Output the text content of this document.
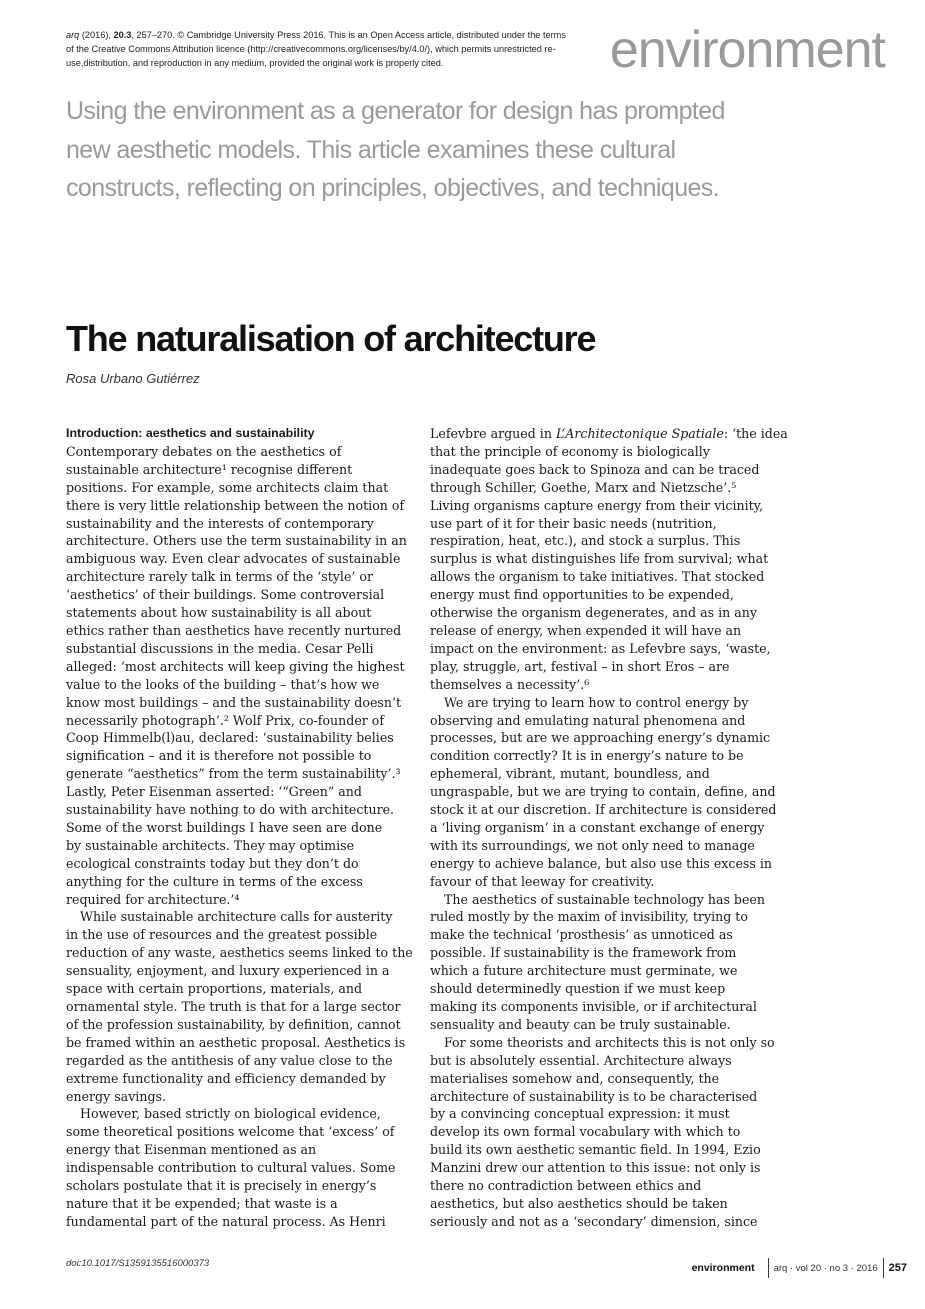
arq (2016), 20.3, 257–270. © Cambridge University Press 2016. This is an Open Access article, distributed under the terms of the Creative Commons Attribution licence (http://creativecommons.org/licenses/by/4.0/), which permits unrestricted re-use,distribution, and reproduction in any medium, provided the original work is properly cited.	environment
Using the environment as a generator for design has prompted new aesthetic models. This article examines these cultural constructs, reflecting on principles, objectives, and techniques.
The naturalisation of architecture
Rosa Urbano Gutiérrez
Introduction: aesthetics and sustainability
Contemporary debates on the aesthetics of
sustainable architecture¹ recognise different
positions. For example, some architects claim that
there is very little relationship between the notion of
sustainability and the interests of contemporary
architecture. Others use the term sustainability in an
ambiguous way. Even clear advocates of sustainable
architecture rarely talk in terms of the ‘style’ or
‘aesthetics’ of their buildings. Some controversial
statements about how sustainability is all about
ethics rather than aesthetics have recently nurtured
substantial discussions in the media. Cesar Pelli
alleged: ‘most architects will keep giving the highest
value to the looks of the building – that’s how we
know most buildings – and the sustainability doesn’t
necessarily photograph’.² Wolf Prix, co-founder of
Coop Himmelb(l)au, declared: ‘sustainability belies
signification – and it is therefore not possible to
generate “aesthetics” from the term sustainability’.³
Lastly, Peter Eisenman asserted: ‘“Green” and
sustainability have nothing to do with architecture.
Some of the worst buildings I have seen are done
by sustainable architects. They may optimise
ecological constraints today but they don’t do
anything for the culture in terms of the excess
required for architecture.’⁴
While sustainable architecture calls for austerity
in the use of resources and the greatest possible
reduction of any waste, aesthetics seems linked to the
sensuality, enjoyment, and luxury experienced in a
space with certain proportions, materials, and
ornamental style. The truth is that for a large sector
of the profession sustainability, by definition, cannot
be framed within an aesthetic proposal. Aesthetics is
regarded as the antithesis of any value close to the
extreme functionality and efficiency demanded by
energy savings.
However, based strictly on biological evidence,
some theoretical positions welcome that ‘excess’ of
energy that Eisenman mentioned as an
indispensable contribution to cultural values. Some
scholars postulate that it is precisely in energy’s
nature that it be expended; that waste is a
fundamental part of the natural process. As Henri
Lefevbre argued in L’Architectonique Spatiale: ‘the idea
that the principle of economy is biologically
inadequate goes back to Spinoza and can be traced
through Schiller, Goethe, Marx and Nietzsche’.⁵
Living organisms capture energy from their vicinity,
use part of it for their basic needs (nutrition,
respiration, heat, etc.), and stock a surplus. This
surplus is what distinguishes life from survival; what
allows the organism to take initiatives. That stocked
energy must find opportunities to be expended,
otherwise the organism degenerates, and as in any
release of energy, when expended it will have an
impact on the environment: as Lefevbre says, ‘waste,
play, struggle, art, festival – in short Eros – are
themselves a necessity’.⁶
We are trying to learn how to control energy by
observing and emulating natural phenomena and
processes, but are we approaching energy’s dynamic
condition correctly? It is in energy’s nature to be
ephemeral, vibrant, mutant, boundless, and
ungraspable, but we are trying to contain, define, and
stock it at our discretion. If architecture is considered
a ‘living organism’ in a constant exchange of energy
with its surroundings, we not only need to manage
energy to achieve balance, but also use this excess in
favour of that leeway for creativity.
The aesthetics of sustainable technology has been
ruled mostly by the maxim of invisibility, trying to
make the technical ‘prosthesis’ as unnoticed as
possible. If sustainability is the framework from
which a future architecture must germinate, we
should determinedly question if we must keep
making its components invisible, or if architectural
sensuality and beauty can be truly sustainable.
For some theorists and architects this is not only so
but is absolutely essential. Architecture always
materialises somehow and, consequently, the
architecture of sustainability is to be characterised
by a convincing conceptual expression: it must
develop its own formal vocabulary with which to
build its own aesthetic semantic field. In 1994, Ezio
Manzini drew our attention to this issue: not only is
there no contradiction between ethics and
aesthetics, but also aesthetics should be taken
seriously and not as a ‘secondary’ dimension, since
doi:10.1017/S1359135516000373	environment arq · vol 20 · no 3 · 2016 257
